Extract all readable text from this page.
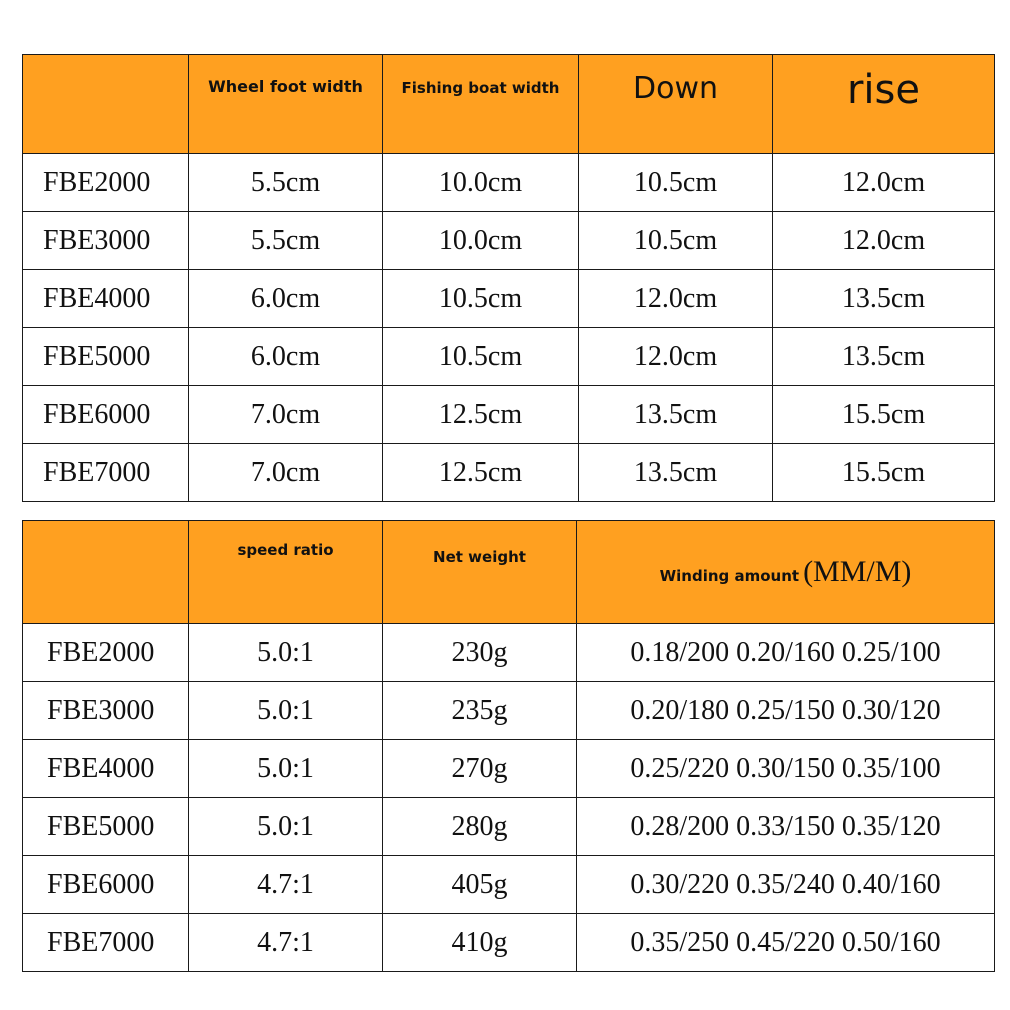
	Wheel foot width	Fishing boat width	Down	rise
FBE2000	5.5cm	10.0cm	10.5cm	12.0cm
FBE3000	5.5cm	10.0cm	10.5cm	12.0cm
FBE4000	6.0cm	10.5cm	12.0cm	13.5cm
FBE5000	6.0cm	10.5cm	12.0cm	13.5cm
FBE6000	7.0cm	12.5cm	13.5cm	15.5cm
FBE7000	7.0cm	12.5cm	13.5cm	15.5cm
	speed ratio	Net weight	Winding amount (MM/M)
FBE2000	5.0:1	230g	0.18/200 0.20/160 0.25/100
FBE3000	5.0:1	235g	0.20/180 0.25/150 0.30/120
FBE4000	5.0:1	270g	0.25/220 0.30/150 0.35/100
FBE5000	5.0:1	280g	0.28/200 0.33/150 0.35/120
FBE6000	4.7:1	405g	0.30/220 0.35/240 0.40/160
FBE7000	4.7:1	410g	0.35/250 0.45/220 0.50/160
